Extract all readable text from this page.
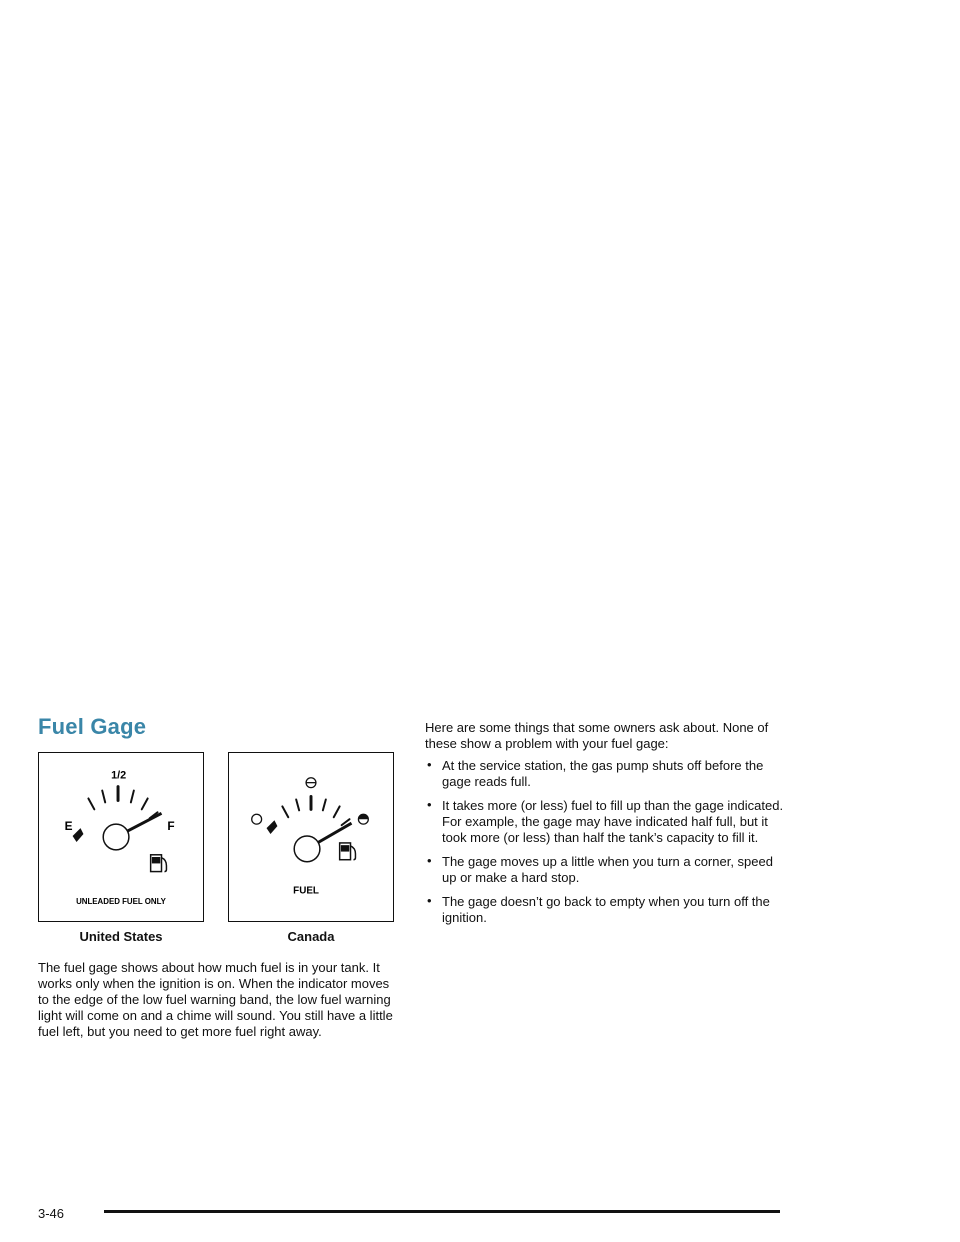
Fuel Gage
1/2
E	F
UNLEADED FUEL ONLY
FUEL
United States	Canada

The fuel gage shows about how much fuel is in your tank. It works only when the ignition is on. When the indicator moves to the edge of the low fuel warning band, the low fuel warning light will come on and a chime will sound. You still have a little fuel left, but you need to get more fuel right away.

Here are some things that some owners ask about. None of these show a problem with your fuel gage:

• At the service station, the gas pump shuts off before the gage reads full.
• It takes more (or less) fuel to fill up than the gage indicated. For example, the gage may have indicated half full, but it took more (or less) than half the tank’s capacity to fill it.
• The gage moves up a little when you turn a corner, speed up or make a hard stop.
• The gage doesn’t go back to empty when you turn off the ignition.
3-46
